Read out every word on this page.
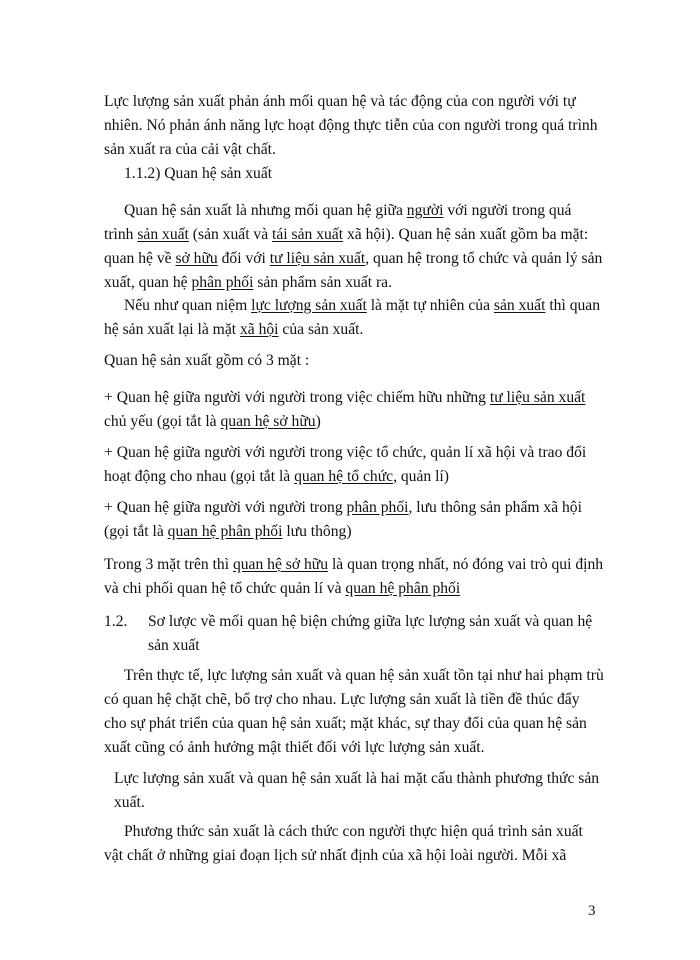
Lực lượng sản xuất phản ánh mối quan hệ và tác động của con người với tự nhiên. Nó phản ánh năng lực hoạt động thực tiễn của con người trong quá trình sản xuất ra của cải vật chất.

1.1.2) Quan hệ sản xuất

Quan hệ sản xuất là nhưng mối quan hệ giữa người với người trong quá trình sản xuất (sản xuất và tái sản xuất xã hội). Quan hệ sản xuất gồm ba mặt: quan hệ về sở hữu đối với tư liệu sản xuất, quan hệ trong tổ chức và quản lý sản xuất, quan hệ phân phối sản phẩm sản xuất ra.

Nếu như quan niệm lực lượng sản xuất là mặt tự nhiên của sản xuất thì quan hệ sản xuất lại là mặt xã hội của sản xuất.

Quan hệ sản xuất gồm có 3 mặt :

+ Quan hệ giữa người với người trong việc chiếm hữu những tư liệu sản xuất chủ yếu (gọi tắt là quan hệ sở hữu)

+ Quan hệ giữa người với người trong việc tổ chức, quản lí xã hội và trao đổi hoạt động cho nhau (gọi tắt là quan hệ tổ chức, quản lí)

+ Quan hệ giữa người với người trong phân phối, lưu thông sản phẩm xã hội (gọi tắt là quan hệ phân phối lưu thông)

Trong 3 mặt trên thì quan hệ sở hữu là quan trọng nhất, nó đóng vai trò qui định và chi phối quan hệ tổ chức quản lí và quan hệ phân phối

1.2. Sơ lược về mối quan hệ biện chứng giữa lực lượng sản xuất và quan hệ sản xuất

Trên thực tế, lực lượng sản xuất và quan hệ sản xuất tồn tại như hai phạm trù có quan hệ chặt chẽ, bổ trợ cho nhau. Lực lượng sản xuất là tiền đề thúc đẩy cho sự phát triển của quan hệ sản xuất; mặt khác, sự thay đổi của quan hệ sản xuất cũng có ảnh hưởng mật thiết đối với lực lượng sản xuất.

Lực lượng sản xuất và quan hệ sản xuất là hai mặt cấu thành phương thức sản xuất.

Phương thức sản xuất là cách thức con người thực hiện quá trình sản xuất vật chất ở những giai đoạn lịch sử nhất định của xã hội loài người. Mỗi xã

3
